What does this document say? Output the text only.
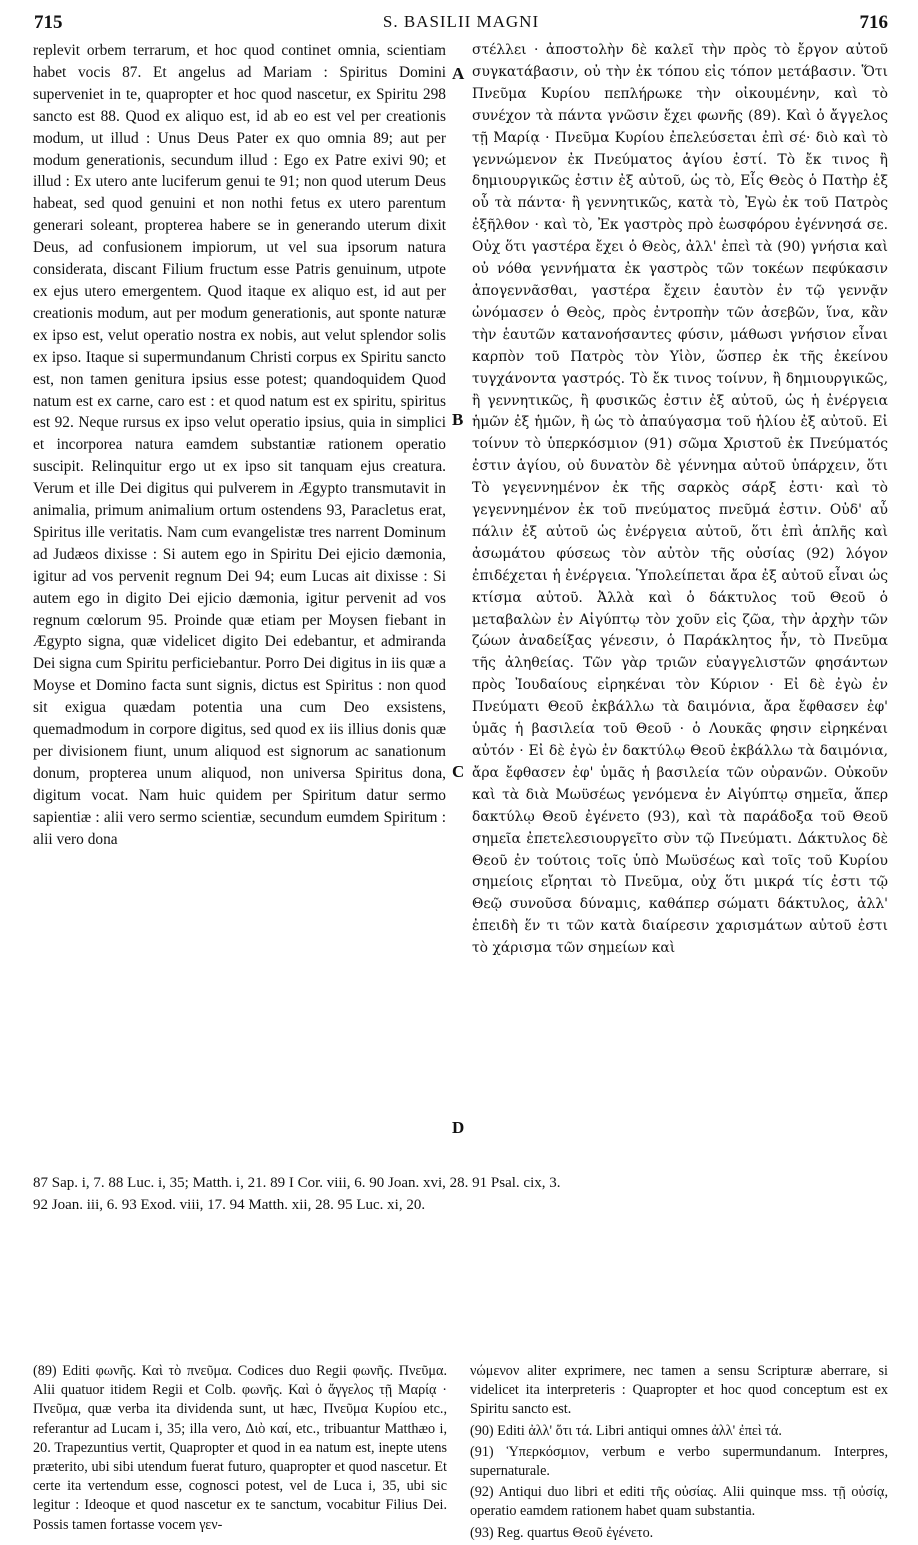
715	S. BASILII MAGNI	716

replevit orbem terrarum, et hoc quod continet omnia, scientiam habet vocis 87. Et angelus ad Mariam : Spiritus Domini superveniet in te, quapropter et hoc quod nascetur, ex Spiritu 298 sancto est 88. Quod ex aliquo est, id ab eo est vel per creationis modum, ut illud : Unus Deus Pater ex quo omnia 89; aut per modum generationis, secundum illud : Ego ex Patre exivi 90; et illud : Ex utero ante luciferum genui te 91; non quod uterum Deus habeat, sed quod genuini et non nothi fetus ex utero parentum generari soleant, propterea habere se in generando uterum dixit Deus, ad confusionem impiorum, ut vel sua ipsorum natura considerata, discant Filium fructum esse Patris genuinum, utpote ex ejus utero emergentem. Quod itaque ex aliquo est, id aut per creationis modum, aut per modum generationis, aut sponte naturæ ex ipso est, velut operatio nostra ex nobis, aut velut splendor solis ex ipso. Itaque si supermundanum Christi corpus ex Spiritu sancto est, non tamen genitura ipsius esse potest; quandoquidem Quod natum est ex carne, caro est : et quod natum est ex spiritu, spiritus est 92. Neque rursus ex ipso velut operatio ipsius, quia in simplici et incorporea natura eamdem substantiæ rationem operatio suscipit. Relinquitur ergo ut ex ipso sit tanquam ejus creatura. Verum et ille Dei digitus qui pulverem in Ægypto transmutavit in animalia, primum animalium ortum ostendens 93, Paracletus erat, Spiritus ille veritatis. Nam cum evangelistæ tres narrent Dominum ad Judæos dixisse : Si autem ego in Spiritu Dei ejicio dæmonia, igitur ad vos pervenit regnum Dei 94; eum Lucas ait dixisse : Si autem ego in digito Dei ejicio dæmonia, igitur pervenit ad vos regnum cœlorum 95. Proinde quæ etiam per Moysen fiebant in Ægypto signa, quæ videlicet digito Dei edebantur, et admiranda Dei signa cum Spiritu perficiebantur. Porro Dei digitus in iis quæ a Moyse et Domino facta sunt signis, dictus est Spiritus : non quod sit exigua quædam potentia una cum Deo exsistens, quemadmodum in corpore digitus, sed quod ex iis illius donis quæ per divisionem fiunt, unum aliquod est signorum ac sanationum donum, propterea unum aliquod, non universa Spiritus dona, digitum vocat. Nam huic quidem per Spiritum datur sermo sapientiæ : alii vero sermo scientiæ, secundum eumdem Spiritum : alii vero dona

στέλλει · ἀποστολὴν δὲ καλεῖ τὴν πρὸς τὸ ἔργον αὐτοῦ συγκατάβασιν, οὐ τὴν ἐκ τόπου εἰς τόπον μετάβασιν. Ὅτι Πνεῦμα Κυρίου πεπλήρωκε τὴν οἰκουμένην, καὶ τὸ συνέχον τὰ πάντα γνῶσιν ἔχει φωνῆς (89). Καὶ ὁ ἄγγελος τῇ Μαρίᾳ · Πνεῦμα Κυρίου ἐπελεύσεται ἐπὶ σέ· διὸ καὶ τὸ γεννώμενον ἐκ Πνεύματος ἁγίου ἐστί. Τὸ ἔκ τινος ἢ δημιουργικῶς ἐστιν ἐξ αὐτοῦ, ὡς τὸ, Εἷς Θεὸς ὁ Πατὴρ ἐξ οὗ τὰ πάντα· ἢ γεννητικῶς, κατὰ τὸ, Ἐγὼ ἐκ τοῦ Πατρὸς ἐξῆλθον · καὶ τὸ, Ἐκ γαστρὸς πρὸ ἑωσφόρου ἐγέννησά σε. Οὐχ ὅτι γαστέρα ἔχει ὁ Θεὸς, ἀλλ' ἐπεὶ τὰ (90) γνήσια καὶ οὐ νόθα γεννήματα ἐκ γαστρὸς τῶν τοκέων πεφύκασιν ἀπογεννᾶσθαι, γαστέρα ἔχειν ἑαυτὸν ἐν τῷ γεννᾷν ὠνόμασεν ὁ Θεὸς, πρὸς ἐντροπὴν τῶν ἀσεβῶν, ἵνα, κἂν τὴν ἑαυτῶν κατανοήσαντες φύσιν, μάθωσι γνήσιον εἶναι καρπὸν τοῦ Πατρὸς τὸν Υἱὸν, ὥσπερ ἐκ τῆς ἐκείνου τυγχάνοντα γαστρός. Τὸ ἔκ τινος τοίνυν, ἢ δημιουργικῶς, ἢ γεννητικῶς, ἢ φυσικῶς ἐστιν ἐξ αὐτοῦ, ὡς ἡ ἐνέργεια ἡμῶν ἐξ ἡμῶν, ἢ ὡς τὸ ἀπαύγασμα τοῦ ἡλίου ἐξ αὐτοῦ. Εἰ τοίνυν τὸ ὑπερκόσμιον (91) σῶμα Χριστοῦ ἐκ Πνεύματός ἐστιν ἁγίου, οὐ δυνατὸν δὲ γέννημα αὐτοῦ ὑπάρχειν, ὅτι Τὸ γεγεννημένον ἐκ τῆς σαρκὸς σάρξ ἐστι· καὶ τὸ γεγεννημένον ἐκ τοῦ πνεύματος πνεῦμά ἐστιν. Οὐδ' αὖ πάλιν ἐξ αὐτοῦ ὡς ἐνέργεια αὐτοῦ, ὅτι ἐπὶ ἁπλῆς καὶ ἀσωμάτου φύσεως τὸν αὐτὸν τῆς οὐσίας (92) λόγον ἐπιδέχεται ἡ ἐνέργεια. Ὑπολείπεται ἄρα ἐξ αὐτοῦ εἶναι ὡς κτίσμα αὐτοῦ. Ἀλλὰ καὶ ὁ δάκτυλος τοῦ Θεοῦ ὁ μεταβαλὼν ἐν Αἰγύπτῳ τὸν χοῦν εἰς ζῶα, τὴν ἀρχὴν τῶν ζώων ἀναδείξας γένεσιν, ὁ Παράκλητος ἦν, τὸ Πνεῦμα τῆς ἀληθείας. Τῶν γὰρ τριῶν εὐαγγελιστῶν φησάντων πρὸς Ἰουδαίους εἰρηκέναι τὸν Κύριον · Εἰ δὲ ἐγὼ ἐν Πνεύματι Θεοῦ ἐκβάλλω τὰ δαιμόνια, ἄρα ἔφθασεν ἐφ' ὑμᾶς ἡ βασιλεία τοῦ Θεοῦ · ὁ Λουκᾶς φησιν εἰρηκέναι αὐτόν · Εἰ δὲ ἐγὼ ἐν δακτύλῳ Θεοῦ ἐκβάλλω τὰ δαιμόνια, ἄρα ἔφθασεν ἐφ' ὑμᾶς ἡ βασιλεία τῶν οὐρανῶν. Οὐκοῦν καὶ τὰ διὰ Μωϋσέως γενόμενα ἐν Αἰγύπτῳ σημεῖα, ἅπερ δακτύλῳ Θεοῦ ἐγένετο (93), καὶ τὰ παράδοξα τοῦ Θεοῦ σημεῖα ἐπετελεσιουργεῖτο σὺν τῷ Πνεύματι. Δάκτυλος δὲ Θεοῦ ἐν τούτοις τοῖς ὑπὸ Μωϋσέως καὶ τοῖς τοῦ Κυρίου σημείοις εἴρηται τὸ Πνεῦμα, οὐχ ὅτι μικρά τίς ἐστι τῷ Θεῷ συνοῦσα δύναμις, καθάπερ σώματι δάκτυλος, ἀλλ' ἐπειδὴ ἕν τι τῶν κατὰ διαίρεσιν χαρισμάτων αὐτοῦ ἐστι τὸ χάρισμα τῶν σημείων καὶ

A
B
C
D
87 Sap. i, 7. 88 Luc. i, 35; Matth. i, 21. 89 I Cor. viii, 6. 90 Joan. xvi, 28. 91 Psal. cix, 3.
92 Joan. iii, 6. 93 Exod. viii, 17. 94 Matth. xii, 28. 95 Luc. xi, 20.

(89) Editi φωνῆς. Καὶ τὸ πνεῦμα. Codices duo Regii φωνῆς. Πνεῦμα. Alii quatuor itidem Regii et Colb. φωνῆς. Καὶ ὁ ἄγγελος τῇ Μαρίᾳ · Πνεῦμα, quæ verba ita dividenda sunt, ut hæc, Πνεῦμα Κυρίου etc., referantur ad Lucam i, 35; illa vero, Διὸ καί, etc., tribuantur Matthæo i, 20. Trapezuntius vertit, Quapropter et quod in ea natum est, inepte utens præterito, ubi sibi utendum fuerat futuro, quapropter et quod nascetur. Et certe ita vertendum esse, cognosci potest, vel de Luca i, 35, ubi sic legitur : Ideoque et quod nascetur ex te sanctum, vocabitur Filius Dei. Possis tamen fortasse vocem γεν-

νώμενον aliter exprimere, nec tamen a sensu Scripturæ aberrare, si videlicet ita interpreteris : Quapropter et hoc quod conceptum est ex Spiritu sancto est.

(90) Editi ἀλλ' ὅτι τά. Libri antiqui omnes ἀλλ' ἐπεὶ τά.

(91) Ὑπερκόσμιον, verbum e verbo supermundanum. Interpres, supernaturale.

(92) Antiqui duo libri et editi τῆς οὐσίας. Alii quinque mss. τῇ οὐσίᾳ, operatio eamdem rationem habet quam substantia.

(93) Reg. quartus Θεοῦ ἐγένετο.
